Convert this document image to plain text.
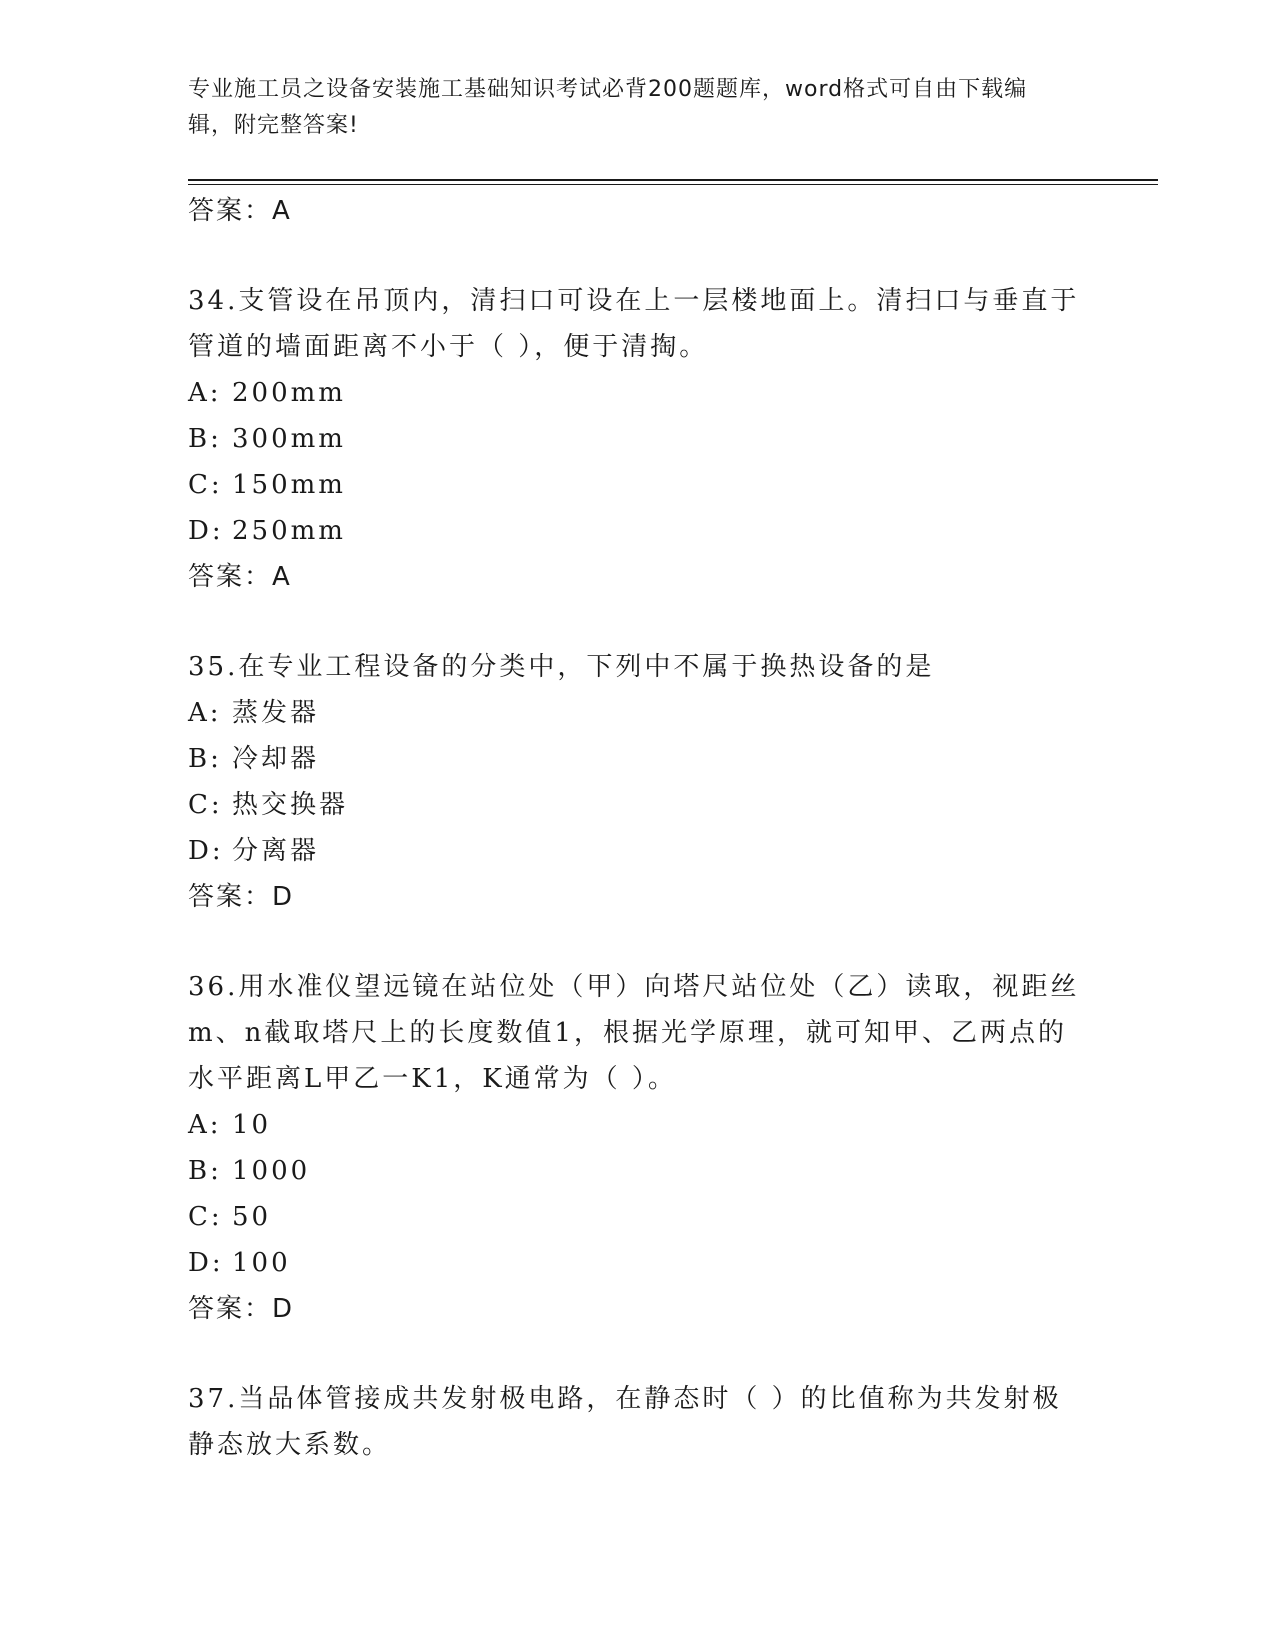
专业施工员之设备安装施工基础知识考试必背200题题库，word格式可自由下载编辑，附完整答案!
答案：A
34.支管设在吊顶内，清扫口可设在上一层楼地面上。清扫口与垂直于管道的墙面距离不小于（ ），便于清掏。
A: 200mm
B: 300mm
C: 150mm
D: 250mm
答案：A
35.在专业工程设备的分类中，下列中不属于换热设备的是
A: 蒸发器
B: 冷却器
C: 热交换器
D: 分离器
答案：D
36.用水准仪望远镜在站位处（甲）向塔尺站位处（乙）读取，视距丝m、n截取塔尺上的长度数值1，根据光学原理，就可知甲、乙两点的水平距离L甲乙一K1，K通常为（ ）。
A: 10
B: 1000
C: 50
D: 100
答案：D
37.当品体管接成共发射极电路，在静态时（ ）的比值称为共发射极静态放大系数。
